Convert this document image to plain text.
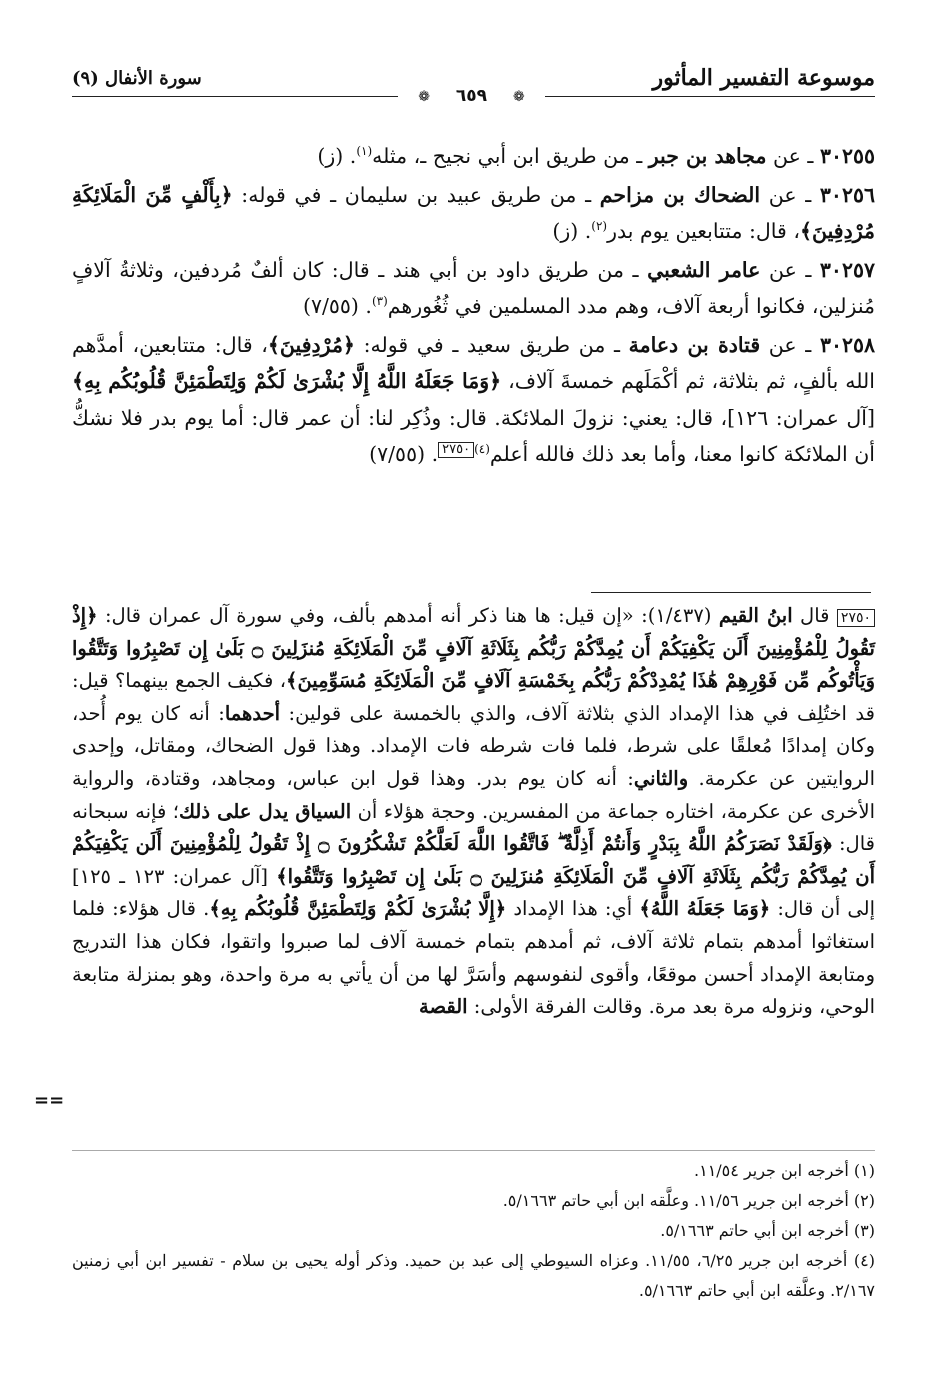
موسوعة التفسير المأثور
سورة الأنفال (٩)
❁ ٦٥٩ ❁

٣٠٢٥٥ ـ عن مجاهد بن جبر ـ من طريق ابن أبي نجيح ـ، مثله$^{(١)}$. (ز)

٣٠٢٥٦ ـ عن الضحاك بن مزاحم ـ من طريق عبيد بن سليمان ـ في قوله: ﴿بِأَلْفٍ مِّنَ الْمَلَائِكَةِ مُرْدِفِينَ﴾، قال: متتابعين يوم بدر$^{(٢)}$. (ز)

٣٠٢٥٧ ـ عن عامر الشعبي ـ من طريق داود بن أبي هند ـ قال: كان ألفٌ مُردفين، وثلاثةُ آلافٍ مُنزلين، فكانوا أربعة آلاف، وهم مدد المسلمين في ثُغُورهم$^{(٣)}$. (٧/٥٥)

٣٠٢٥٨ ـ عن قتادة بن دعامة ـ من طريق سعيد ـ في قوله: ﴿مُرْدِفِينَ﴾، قال: متتابعين، أمدَّهم الله بألفٍ، ثم بثلاثة، ثم أكْمَلَهم خمسةَ آلاف، ﴿وَمَا جَعَلَهُ اللَّهُ إِلَّا بُشْرَىٰ لَكُمْ وَلِتَطْمَئِنَّ قُلُوبُكُم بِهِ﴾ [آل عمران: ١٢٦]، قال: يعني: نزولَ الملائكة. قال: وذُكِر لنا: أن عمر قال: أما يوم بدر فلا نشكُّ أن الملائكة كانوا معنا، وأما بعد ذلك فالله أعلم$^{(٤)}$٢٧٥٠. (٧/٥٥)

٢٧٥٠ قال ابنُ القيم (١/٤٣٧): «إن قيل: ها هنا ذكر أنه أمدهم بألف، وفي سورة آل عمران قال: ﴿إِذْ تَقُولُ لِلْمُؤْمِنِينَ أَلَن يَكْفِيَكُمْ أَن يُمِدَّكُمْ رَبُّكُم بِثَلَاثَةِ آلَافٍ مِّنَ الْمَلَائِكَةِ مُنزَلِينَ ۝ بَلَىٰ إِن تَصْبِرُوا وَتَتَّقُوا وَيَأْتُوكُم مِّن فَوْرِهِمْ هَٰذَا يُمْدِدْكُمْ رَبُّكُم بِخَمْسَةِ آلَافٍ مِّنَ الْمَلَائِكَةِ مُسَوِّمِينَ﴾، فكيف الجمع بينهما؟ قيل: قد اختُلِف في هذا الإمداد الذي بثلاثة آلاف، والذي بالخمسة على قولين: أحدهما: أنه كان يوم أُحد، وكان إمدادًا مُعلقًا على شرط، فلما فات شرطه فات الإمداد. وهذا قول الضحاك، ومقاتل، وإحدى الروايتين عن عكرمة. والثاني: أنه كان يوم بدر. وهذا قول ابن عباس، ومجاهد، وقتادة، والرواية الأخرى عن عكرمة، اختاره جماعة من المفسرين. وحجة هؤلاء أن السياق يدل على ذلك؛ فإنه سبحانه قال: ﴿وَلَقَدْ نَصَرَكُمُ اللَّهُ بِبَدْرٍ وَأَنتُمْ أَذِلَّةٌ ۖ فَاتَّقُوا اللَّهَ لَعَلَّكُمْ تَشْكُرُونَ ۝ إِذْ تَقُولُ لِلْمُؤْمِنِينَ أَلَن يَكْفِيَكُمْ أَن يُمِدَّكُمْ رَبُّكُم بِثَلَاثَةِ آلَافٍ مِّنَ الْمَلَائِكَةِ مُنزَلِينَ ۝ بَلَىٰ إِن تَصْبِرُوا وَتَتَّقُوا﴾ [آل عمران: ١٢٣ ـ ١٢٥] إلى أن قال: ﴿وَمَا جَعَلَهُ اللَّهُ﴾ أي: هذا الإمداد ﴿إِلَّا بُشْرَىٰ لَكُمْ وَلِتَطْمَئِنَّ قُلُوبُكُم بِهِ﴾. قال هؤلاء: فلما استغاثوا أمدهم بتمام ثلاثة آلاف، ثم أمدهم بتمام خمسة آلاف لما صبروا واتقوا، فكان هذا التدريج ومتابعة الإمداد أحسن موقعًا، وأقوى لنفوسهم وأسَرَّ لها من أن يأتي به مرة واحدة، وهو بمنزلة متابعة الوحي، ونزوله مرة بعد مرة. وقالت الفرقة الأولى: القصة
==

(١) أخرجه ابن جرير ١١/٥٤.

(٢) أخرجه ابن جرير ١١/٥٦. وعلَّقه ابن أبي حاتم ٥/١٦٦٣.

(٣) أخرجه ابن أبي حاتم ٥/١٦٦٣.

(٤) أخرجه ابن جرير ٦/٢٥، ١١/٥٥. وعزاه السيوطي إلى عبد بن حميد. وذكر أوله يحيى بن سلام - تفسير ابن أبي زمنين ٢/١٦٧. وعلَّقه ابن أبي حاتم ٥/١٦٦٣.
